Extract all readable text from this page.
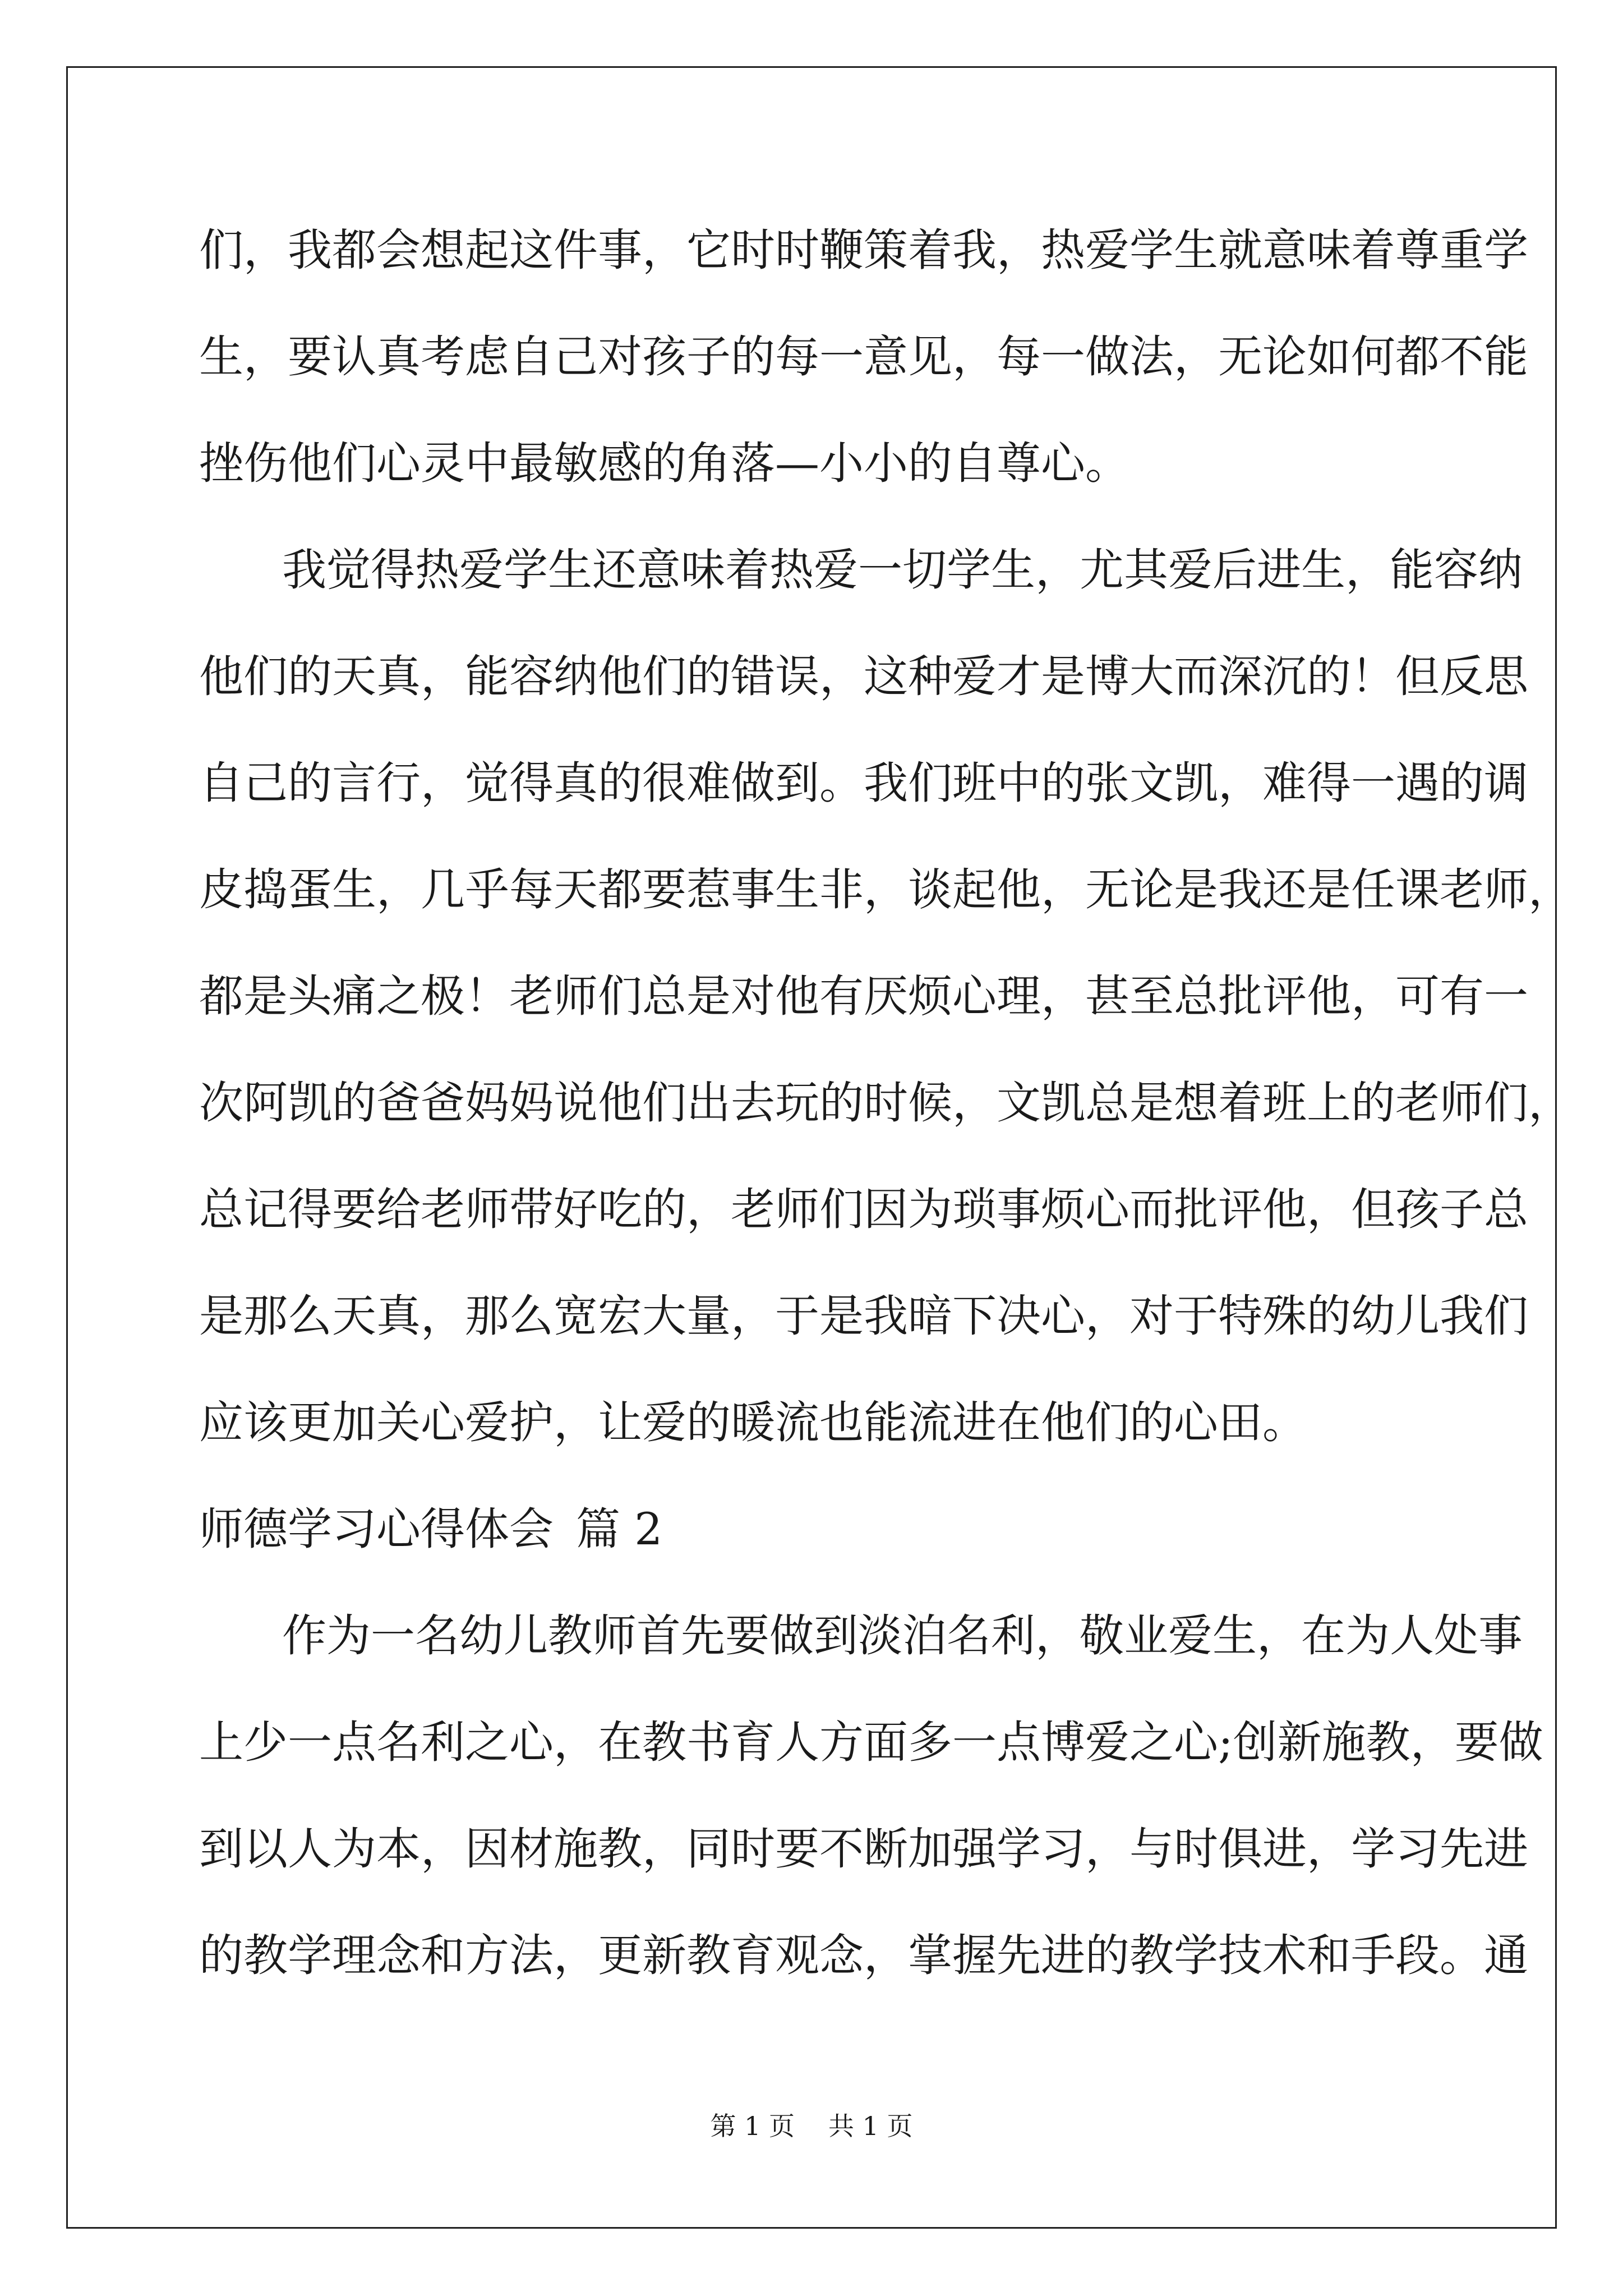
们，我都会想起这件事，它时时鞭策着我，热爱学生就意味着尊重学
生，要认真考虑自己对孩子的每一意见，每一做法，无论如何都不能
挫伤他们心灵中最敏感的角落—小小的自尊心。
我觉得热爱学生还意味着热爱一切学生，尤其爱后进生，能容纳
他们的天真，能容纳他们的错误，这种爱才是博大而深沉的！但反思
自己的言行，觉得真的很难做到。我们班中的张文凯，难得一遇的调
皮捣蛋生，几乎每天都要惹事生非，谈起他，无论是我还是任课老师，
都是头痛之极！老师们总是对他有厌烦心理，甚至总批评他，可有一
次阿凯的爸爸妈妈说他们出去玩的时候，文凯总是想着班上的老师们，
总记得要给老师带好吃的，老师们因为琐事烦心而批评他，但孩子总
是那么天真，那么宽宏大量，于是我暗下决心，对于特殊的幼儿我们
应该更加关心爱护，让爱的暖流也能流进在他们的心田。
师德学习心得体会 篇 2
作为一名幼儿教师首先要做到淡泊名利，敬业爱生，在为人处事
上少一点名利之心，在教书育人方面多一点博爱之心;创新施教，要做
到以人为本，因材施教，同时要不断加强学习，与时俱进，学习先进
的教学理念和方法，更新教育观念，掌握先进的教学技术和手段。通
第 1 页 共 1 页
